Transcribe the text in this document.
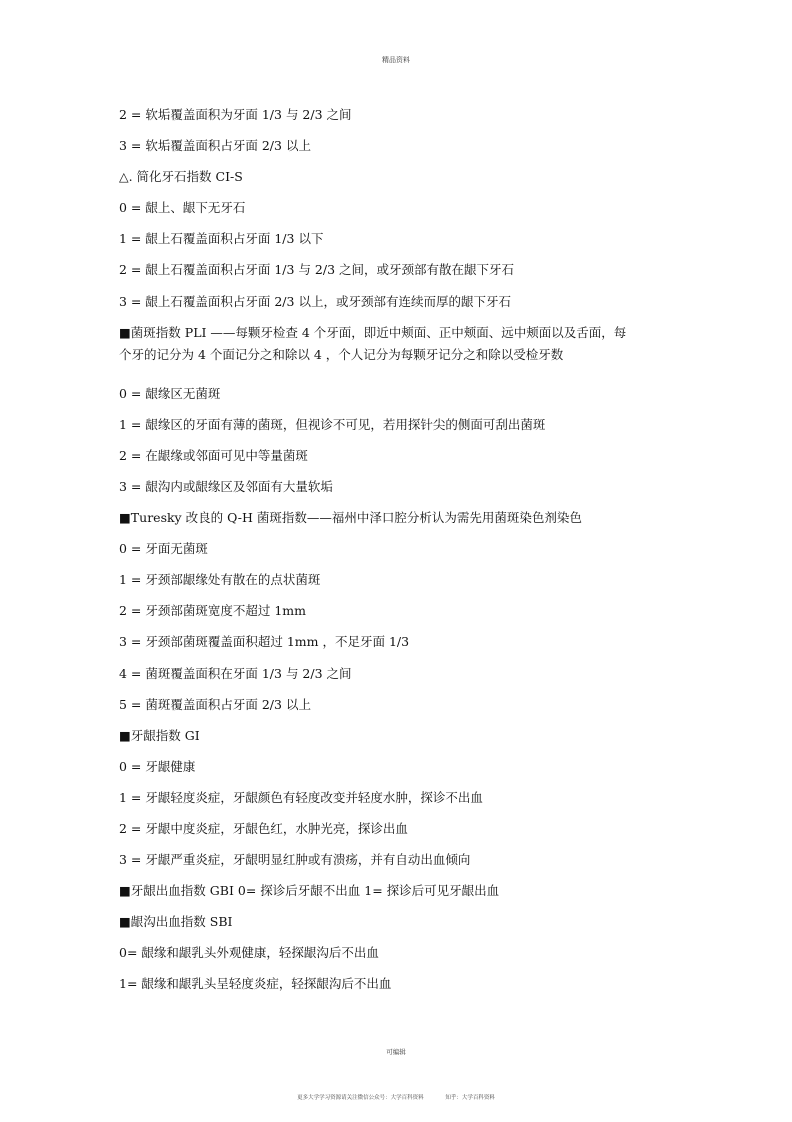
精品资料
2 = 软垢覆盖面积为牙面 1/3 与 2/3 之间
3 = 软垢覆盖面积占牙面 2/3 以上
△. 简化牙石指数 CI-S
0 = 龈上、龈下无牙石
1 = 龈上石覆盖面积占牙面 1/3 以下
2 = 龈上石覆盖面积占牙面 1/3 与 2/3 之间，或牙颈部有散在龈下牙石
3 = 龈上石覆盖面积占牙面 2/3 以上，或牙颈部有连续而厚的龈下牙石
■菌斑指数 PLI ——每颗牙检查 4 个牙面，即近中颊面、正中颊面、远中颊面以及舌面，每
个牙的记分为 4 个面记分之和除以 4 ，个人记分为每颗牙记分之和除以受检牙数
0 = 龈缘区无菌斑
1 = 龈缘区的牙面有薄的菌斑，但视诊不可见，若用探针尖的侧面可刮出菌斑
2 = 在龈缘或邻面可见中等量菌斑
3 = 龈沟内或龈缘区及邻面有大量软垢
■Turesky 改良的 Q-H 菌斑指数——福州中泽口腔分析认为需先用菌斑染色剂染色
0 = 牙面无菌斑
1 = 牙颈部龈缘处有散在的点状菌斑
2 = 牙颈部菌斑宽度不超过 1mm
3 = 牙颈部菌斑覆盖面积超过 1mm ，不足牙面 1/3
4 = 菌斑覆盖面积在牙面 1/3 与 2/3 之间
5 = 菌斑覆盖面积占牙面 2/3 以上
■牙龈指数 GI
0 = 牙龈健康
1 = 牙龈轻度炎症，牙龈颜色有轻度改变并轻度水肿，探诊不出血
2 = 牙龈中度炎症，牙龈色红，水肿光亮，探诊出血
3 = 牙龈严重炎症，牙龈明显红肿或有溃疡，并有自动出血倾向
■牙龈出血指数 GBI 0= 探诊后牙龈不出血 1= 探诊后可见牙龈出血
■龈沟出血指数 SBI
0= 龈缘和龈乳头外观健康，轻探龈沟后不出血
1= 龈缘和龈乳头呈轻度炎症，轻探龈沟后不出血
可编辑
更多大学学习资源请关注微信公众号：大学百科资料	知乎：大学百科资料
